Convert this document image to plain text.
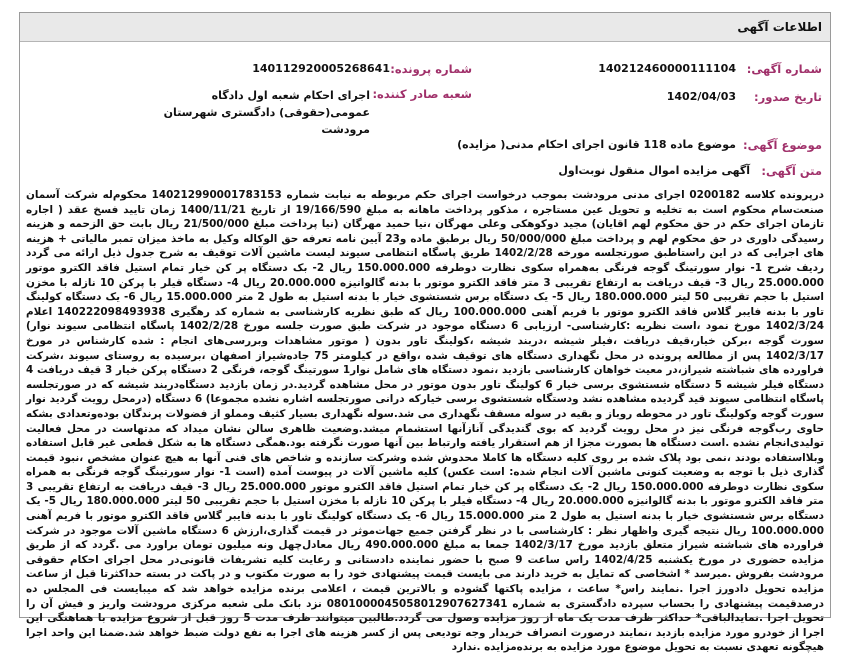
اطلاعات آگهی
شماره آگهی:
140212460000111104
شماره پرونده:
140112920005268641
تاریخ صدور:
1402/04/03
شعبه صادر کننده:
اجرای احکام شعبه اول دادگاه عمومی(حقوقی) دادگستری شهرستان مرودشت
موضوع آگهی:
موضوع ماده 118 قانون اجرای احکام مدنی( مزایده)
متن آگهی:
آگهی مزایده اموال منقول نوبت‌اول
درپرونده کلاسه 0200182 اجرای مدنی مرودشت بموجب درخواست اجرای حکم مربوطه به نیابت شماره 140212990001783153 محکوم‌له شرکت آسمان صنعت‌سام محکوم است به تخلیه و تحویل عین مستاجره ، مذکور پرداخت ماهانه به مبلغ 19/166/590 از تاریخ 1400/11/21 زمان تایید فسخ عقد ( اجاره تازمان اجرای حکم در حق محکوم لهم اقایان) مجید دوکوهکی وعلی مهرگان ،نیا حمید مهرگان (نیا پرداخت مبلغ 21/500/000 ریال بابت حق الزحمه و هزینه رسیدگی داوری در حق محکوم لهم و پرداخت مبلغ 50/000/000 ریال برطبق ماده و23 آیین نامه تعرفه حق الوکاله وکیل به ماخذ میزان تمبر مالیاتی + هزینه های اجرایی که در این راستاطبق صورتجلسه مورخه 1402/2/28 طریق پاسگاه انتظامی سیوند لیست ماشین آلات توقیف به شرح جدول ذیل ارائه می گردد ردیف شرح 1- نوار سورتینگ گوجه فرنگی به‌همراه سکوی نظارت دوطرفه 150.000.000 ریال 2- بک دستگاه پر کن خیار تمام استیل فاقد الکترو موتور 25.000.000 ریال 3- قیف دریافت به ارتفاع تقریبی 3 متر فاقد الکترو موتور با بدنه گالوانیزه 20.000.000 ریال 4- دستگاه قیلر با پرکن 10 نازله با مخزن استیل با حجم تقریبی 50 لیتر 180.000.000 ریال 5- یک دستگاه برس شستشوی خیار با بدنه استیل به طول 2 متر 15.000.000 ریال 6- یک دستگاه کولینگ تاور با بدنه فایبر گلاس فاقد الکترو موتور با فریم آهنی 100.000.000 ریال که طبق نظریه کارشناسی به شماره کد رهگیری 140222098493938 اعلام 1402/3/24 مورخ نمود ،است نظریه :کارشناسی- ارزیابی 6 دستگاه موجود در شرکت طبق صورت جلسه مورخ 1402/2/28 پاسگاه انتظامی سیوند نوار) سورت گوجه ،برکن خیار،قیف دریافت ،فیلر شیشه ،دربند شیشه ،کولینگ تاور بدون ( موتور مشاهدات وبررسی‌های انجام : شده کارشناس در مورخ 1402/3/17 پس از مطالعه پرونده در محل نگهداری دستگاه های توقیف شده ،واقع در کیلومتر 75 جاده‌شیراز اصفهان ،برسیده به روستای سیوند ،شرکت فراورده های شباشته شیراز،در معیت خواهان کارشناسی بازدید ،نمود دستگاه های شامل نوار1 سورتینگ گوجه، فرنگی 2 دستگاه پرکن خیار 3 قیف دریافت 4 دستگاه فیلر شیشه 5 دستگاه شستشوی برسی خیار 6 کولینگ تاور بدون موتور در محل مشاهده گردید.در زمان بازدید دستگاه‌دربند شیشه که در صورتجلسه پاسگاه انتظامی سیوند قید گردیده مشاهده نشد ودستگاه شستشوی برسی خیارکه درانی صورتجلسه اشاره نشده مجموعا) 6 دستگاه (درمحل رویت گردید نوار سورت گوجه وکولینگ تاور در محوطه روباز و بقیه در سوله مسقف نگهداری می شد.سوله نگهداری بسیار کثیف ومملو از فضولات پرندگان بوده‌وتعدادی بشکه حاوی رب‌گوجه فرنگی نیز در محل رویت گردید که بوی گندیدگی آنازآنها استشمام میشد.وضعیت ظاهری سالن نشان میداد که مدتهاست در محل فعالیت تولیدی‌انجام نشده .است دستگاه ها بصورت مجزا از هم استقرار یافته وارتباط بین آنها صورت نگرفته بود.همگی دستگاه ها به شکل قطعی غیر قابل استفاده وبلااستفاده بودند ،نمی بود پلاک شده بر روی کلیه دستگاه ها کاملا محدوش شده وشرکت سازنده و شاخص های فنی آنها به هیچ عنوان مشخص ،نبود قیمت گذاری ذیل با توجه به وضعیت کنونی ماشین آلات انجام شده: است عکس) کلیه ماشین آلات در پیوست آمده (است 1- نوار سورتینگ گوجه فرنگی به همراه سکوی نظارت دوطرفه 150.000.000 ریال 2- یک دستگاه پر کن خیار تمام استیل فاقد الکترو موتور 25.000.000 ریال 3- قیف دریافت به ارتفاع تقریبی 3 متر فاقد الکترو موتور با بدنه گالوانیزه 20.000.000 ریال 4- دستگاه فیلر با پرکن 10 نازله با مخزن استیل با حجم تقریبی 50 لیتر 180.000.000 ریال 5- یک دستگاه برس شستشوی خیار با بدنه استیل به طول 2 متر 15.000.000 ریال 6- یک دستگاه کولینگ تاور با بدنه فایبر گلاس فاقد الکترو موتور با فریم آهنی 100.000.000 ریال نتیجه گیری واظهار نظر : کارشناسی با در نظر گرفتن جمیع جهات‌موثر در قیمت گذاری،ارزش 6 دستگاه ماشین آلات موجود در شرکت فراورده های شباشته شیراز متعلق بازدید مورخ 1402/3/17 جمعا به مبلغ 490.000.000 ریال معادل‌چهل ونه میلیون تومان براورد می .گردد که از طریق مزایده حضوری در مورخ یکشنبه 1402/4/25 راس ساعت 9 صبح با حضور نماینده دادستانی و رعایت کلیه تشریفات قانونی‌در محل اجرای احکام حقوقی مرودشت بفروش .میرسد * اشخاصی که تمایل به خرید دارند می بایست قیمت پیشنهادی خود را به صورت مکتوب و در پاکت در بسته حداکثرتا قبل از ساعت مزایده تحویل دادورز اجرا .نمایند راس* ساعت ، مزایده پاکتها گشوده و بالاترین قیمت ، اعلامی برنده مزایده خواهد شد که میبایست فی المجلس ده درصدقیمت پیشنهادی را بحساب سپرده دادگستری به شماره 0801000045058012907627341 نزد بانک ملی شعبه مرکزی مرودشت واریز و فیش آن را تحویل اجرا .نمایدالباقی* حداکثر ظرف مدت یک ماه از روز مزایده وصول می گردد.طالبین میتوانند ظرف مدت 5 روز قبل از شروع مزایده با هماهنگی این اجرا از خودرو مورد مزایده بازدید ،نمایند درصورت انصراف خریدار وجه تودیعی پس از کسر هزینه های اجرا به نفع دولت ضبط خواهد شد.ضمنا این واحد اجرا هیچگونه تعهدی نسبت به تحویل موضوع مورد مزایده به برنده‌مزایده .ندارد
